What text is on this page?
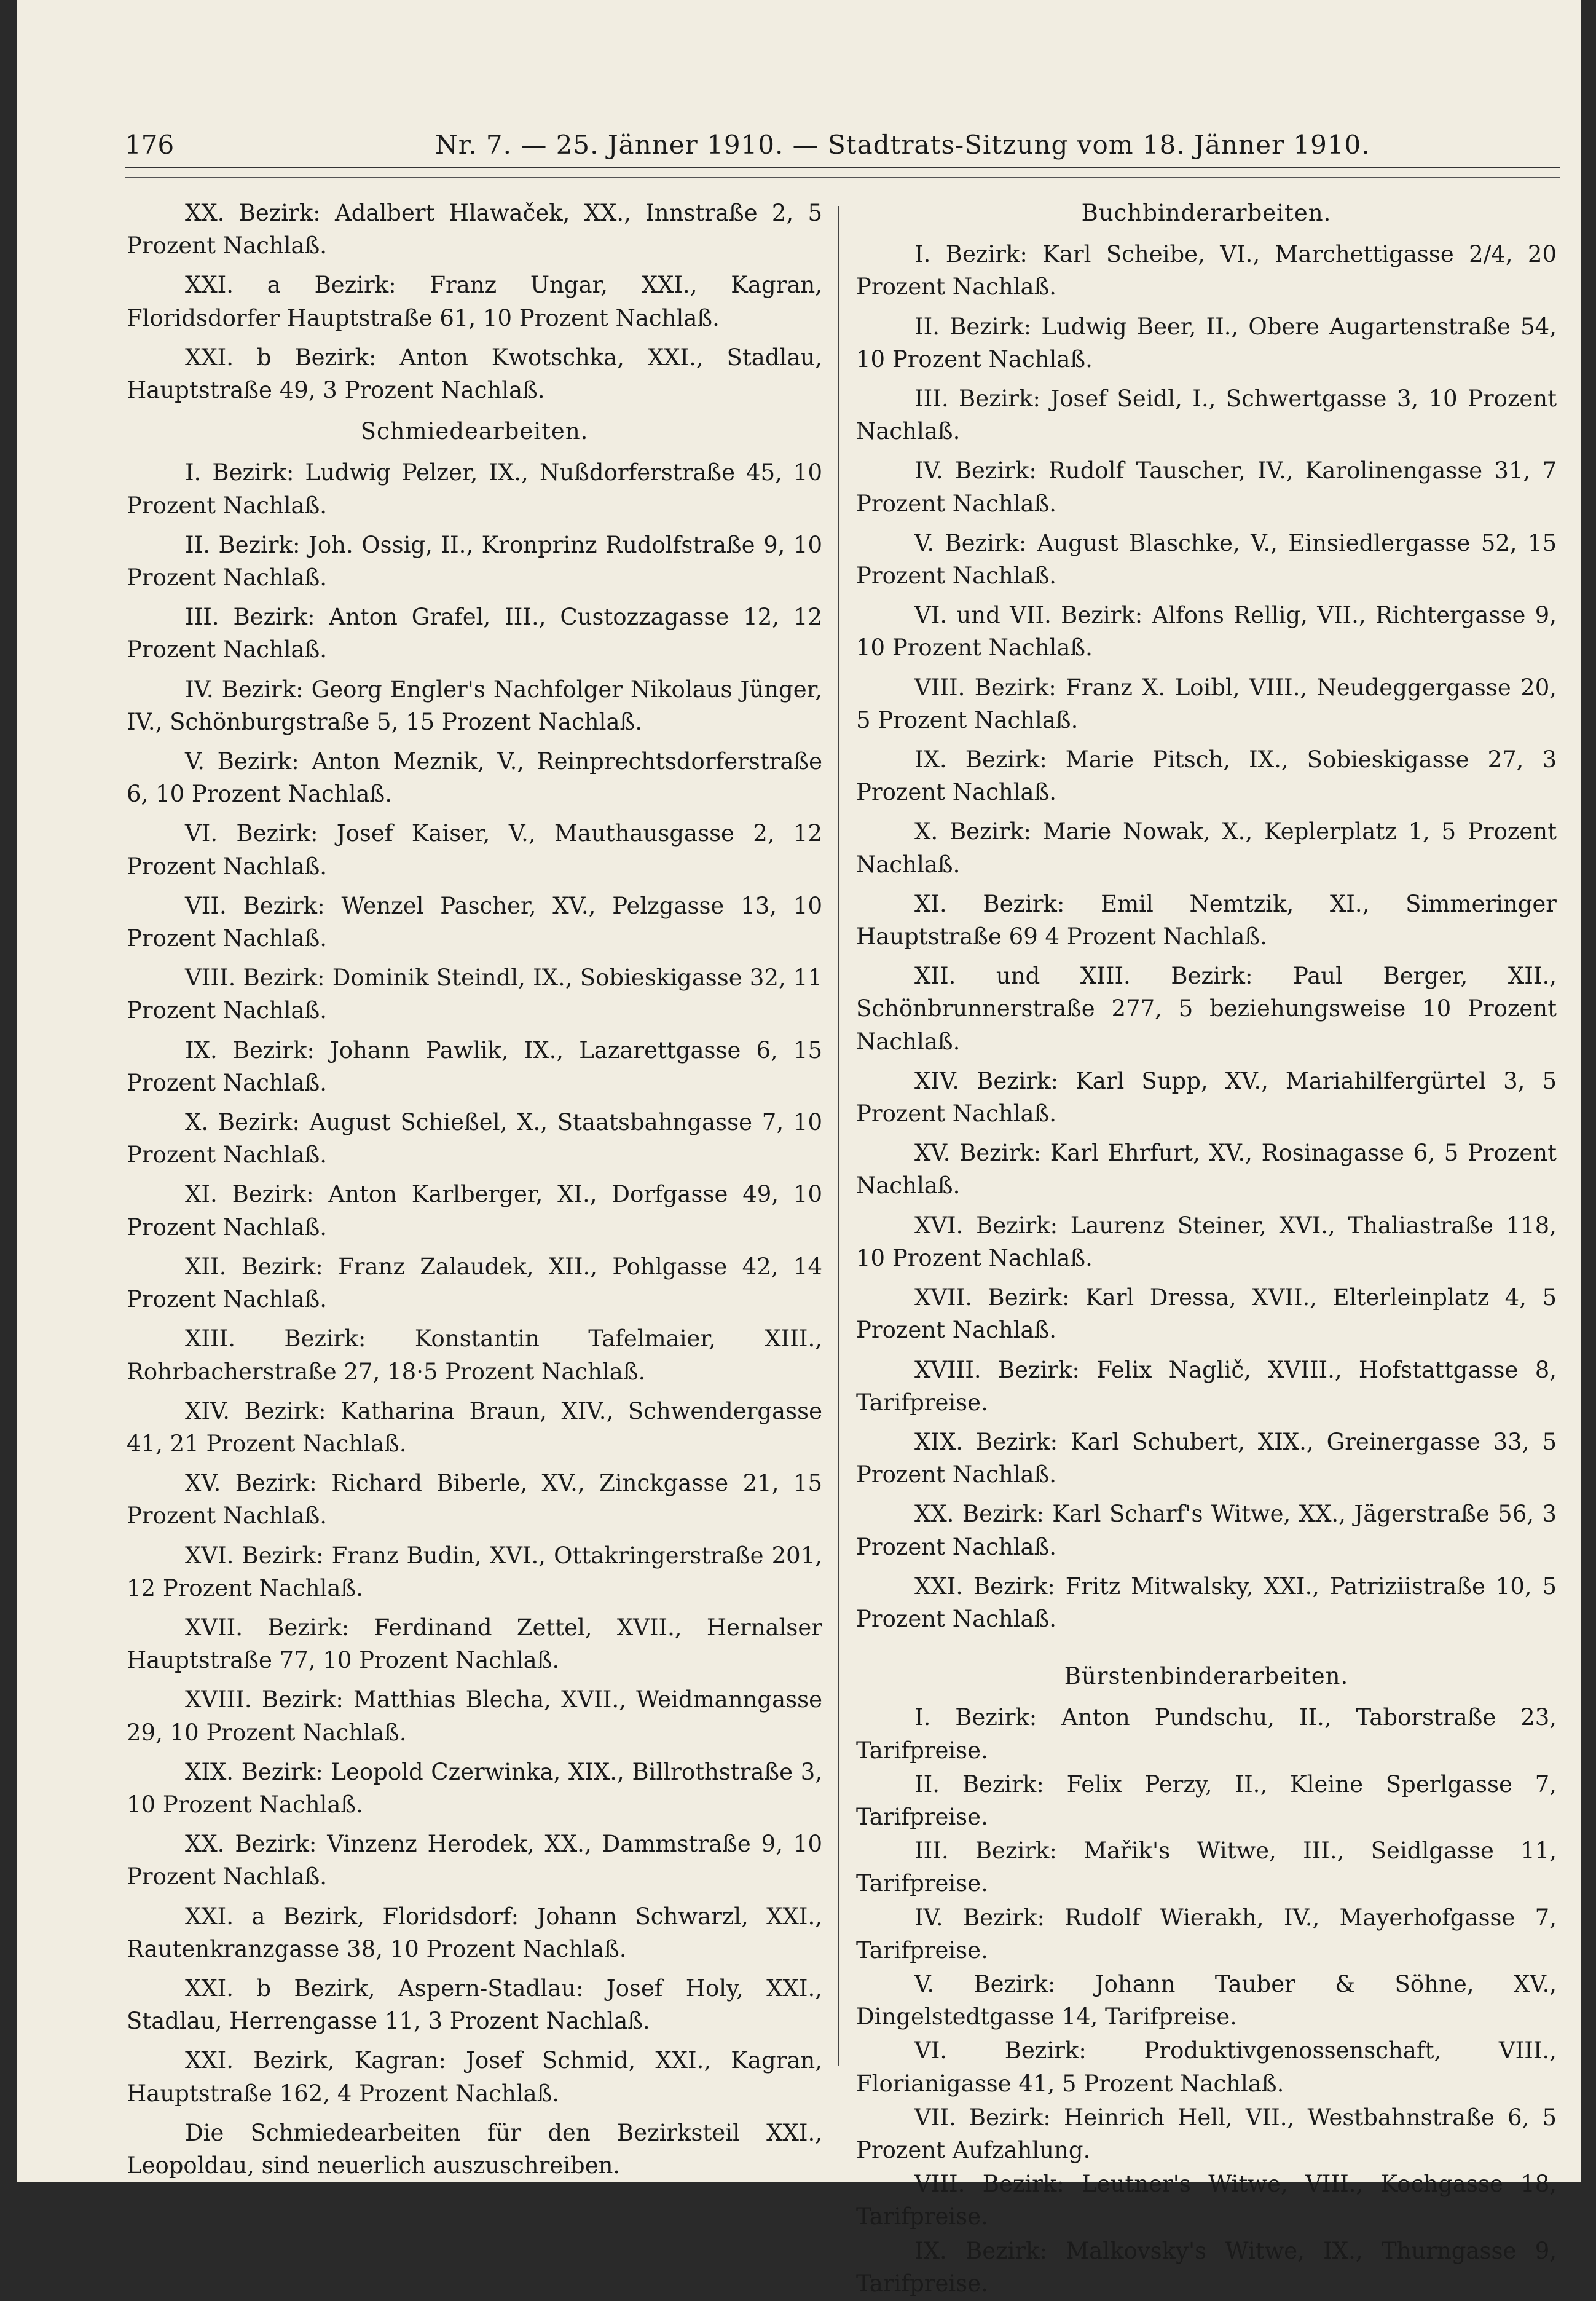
176	Nr. 7. — 25. Jänner 1910. — Stadtrats-Sitzung vom 18. Jänner 1910.

XX. Bezirk: Adalbert Hlawaček, XX., Innstraße 2, 5 Prozent Nachlaß.

XXI. a Bezirk: Franz Ungar, XXI., Kagran, Floridsdorfer Hauptstraße 61, 10 Prozent Nachlaß.

XXI. b Bezirk: Anton Kwotschka, XXI., Stadlau, Hauptstraße 49, 3 Prozent Nachlaß.

Schmiedearbeiten.

I. Bezirk: Ludwig Pelzer, IX., Nußdorferstraße 45, 10 Prozent Nachlaß.

II. Bezirk: Joh. Ossig, II., Kronprinz Rudolfstraße 9, 10 Prozent Nachlaß.

III. Bezirk: Anton Grafel, III., Custozzagasse 12, 12 Prozent Nachlaß.

IV. Bezirk: Georg Engler's Nachfolger Nikolaus Jünger, IV., Schönburgstraße 5, 15 Prozent Nachlaß.

V. Bezirk: Anton Meznik, V., Reinprechtsdorferstraße 6, 10 Prozent Nachlaß.

VI. Bezirk: Josef Kaiser, V., Mauthausgasse 2, 12 Prozent Nachlaß.

VII. Bezirk: Wenzel Pascher, XV., Pelzgasse 13, 10 Prozent Nachlaß.

VIII. Bezirk: Dominik Steindl, IX., Sobieskigasse 32, 11 Prozent Nachlaß.

IX. Bezirk: Johann Pawlik, IX., Lazarettgasse 6, 15 Prozent Nachlaß.

X. Bezirk: August Schießel, X., Staatsbahngasse 7, 10 Prozent Nachlaß.

XI. Bezirk: Anton Karlberger, XI., Dorfgasse 49, 10 Prozent Nachlaß.

XII. Bezirk: Franz Zalaudek, XII., Pohlgasse 42, 14 Prozent Nachlaß.

XIII. Bezirk: Konstantin Tafelmaier, XIII., Rohrbacherstraße 27, 18·5 Prozent Nachlaß.

XIV. Bezirk: Katharina Braun, XIV., Schwendergasse 41, 21 Prozent Nachlaß.

XV. Bezirk: Richard Biberle, XV., Zinckgasse 21, 15 Prozent Nachlaß.

XVI. Bezirk: Franz Budin, XVI., Ottakringerstraße 201, 12 Prozent Nachlaß.

XVII. Bezirk: Ferdinand Zettel, XVII., Hernalser Hauptstraße 77, 10 Prozent Nachlaß.

XVIII. Bezirk: Matthias Blecha, XVII., Weidmanngasse 29, 10 Prozent Nachlaß.

XIX. Bezirk: Leopold Czerwinka, XIX., Billrothstraße 3, 10 Prozent Nachlaß.

XX. Bezirk: Vinzenz Herodek, XX., Dammstraße 9, 10 Prozent Nachlaß.

XXI. a Bezirk, Floridsdorf: Johann Schwarzl, XXI., Rautenkranzgasse 38, 10 Prozent Nachlaß.

XXI. b Bezirk, Aspern-Stadlau: Josef Holy, XXI., Stadlau, Herrengasse 11, 3 Prozent Nachlaß.

XXI. Bezirk, Kagran: Josef Schmid, XXI., Kagran, Hauptstraße 162, 4 Prozent Nachlaß.

Die Schmiedearbeiten für den Bezirksteil XXI., Leopoldau, sind neuerlich auszuschreiben.

Buchbinderarbeiten.

I. Bezirk: Karl Scheibe, VI., Marchettigasse 2/4, 20 Prozent Nachlaß.

II. Bezirk: Ludwig Beer, II., Obere Augartenstraße 54, 10 Prozent Nachlaß.

III. Bezirk: Josef Seidl, I., Schwertgasse 3, 10 Prozent Nachlaß.

IV. Bezirk: Rudolf Tauscher, IV., Karolinengasse 31, 7 Prozent Nachlaß.

V. Bezirk: August Blaschke, V., Einsiedlergasse 52, 15 Prozent Nachlaß.

VI. und VII. Bezirk: Alfons Rellig, VII., Richtergasse 9, 10 Prozent Nachlaß.

VIII. Bezirk: Franz X. Loibl, VIII., Neudeggergasse 20, 5 Prozent Nachlaß.

IX. Bezirk: Marie Pitsch, IX., Sobieskigasse 27, 3 Prozent Nachlaß.

X. Bezirk: Marie Nowak, X., Keplerplatz 1, 5 Prozent Nachlaß.

XI. Bezirk: Emil Nemtzik, XI., Simmeringer Hauptstraße 69 4 Prozent Nachlaß.

XII. und XIII. Bezirk: Paul Berger, XII., Schönbrunnerstraße 277, 5 beziehungsweise 10 Prozent Nachlaß.

XIV. Bezirk: Karl Supp, XV., Mariahilfergürtel 3, 5 Prozent Nachlaß.

XV. Bezirk: Karl Ehrfurt, XV., Rosinagasse 6, 5 Prozent Nachlaß.

XVI. Bezirk: Laurenz Steiner, XVI., Thaliastraße 118, 10 Prozent Nachlaß.

XVII. Bezirk: Karl Dressa, XVII., Elterleinplatz 4, 5 Prozent Nachlaß.

XVIII. Bezirk: Felix Naglič, XVIII., Hofstattgasse 8, Tarifpreise.

XIX. Bezirk: Karl Schubert, XIX., Greinergasse 33, 5 Prozent Nachlaß.

XX. Bezirk: Karl Scharf's Witwe, XX., Jägerstraße 56, 3 Prozent Nachlaß.

XXI. Bezirk: Fritz Mitwalsky, XXI., Patriziistraße 10, 5 Prozent Nachlaß.

Bürstenbinderarbeiten.

I. Bezirk: Anton Pundschu, II., Taborstraße 23, Tarifpreise.

II. Bezirk: Felix Perzy, II., Kleine Sperlgasse 7, Tarifpreise.

III. Bezirk: Mařik's Witwe, III., Seidlgasse 11, Tarifpreise.

IV. Bezirk: Rudolf Wierakh, IV., Mayerhofgasse 7, Tarifpreise.

V. Bezirk: Johann Tauber & Söhne, XV., Dingelstedtgasse 14, Tarifpreise.

VI. Bezirk: Produktivgenossenschaft, VIII., Florianigasse 41, 5 Prozent Nachlaß.

VII. Bezirk: Heinrich Hell, VII., Westbahnstraße 6, 5 Prozent Aufzahlung.

VIII. Bezirk: Leutner's Witwe, VIII., Kochgasse 18, Tarifpreise.

IX. Bezirk: Malkovsky's Witwe, IX., Thurngasse 9, Tarifpreise.
